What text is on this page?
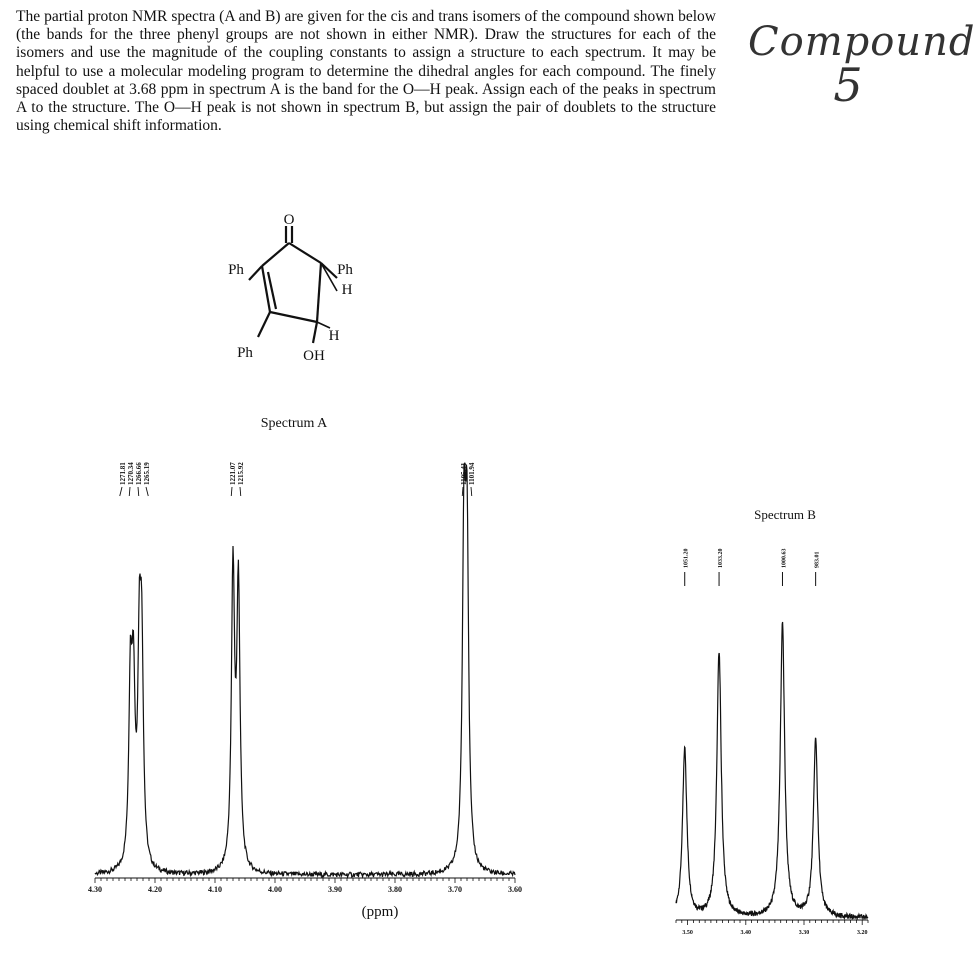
The partial proton NMR spectra (A and B) are given for the cis and trans isomers of the compound shown below (the bands for the three phenyl groups are not shown in either NMR). Draw the structures for each of the isomers and use the magnitude of the coupling constants to assign a structure to each spectrum. It may be helpful to use a molecular modeling program to determine the dihedral angles for each compound. The finely spaced doublet at 3.68 ppm in spectrum A is the band for the O—H peak. Assign each of the peaks in spectrum A to the structure. The O—H peak is not shown in spectrum B, but assign the pair of doublets to the structure using chemical shift information.

Compound
5
O
Ph	Ph
H
H
Ph	OH
Spectrum A
4.30	4.20	4.10	4.00	3.90	3.80	3.70	3.60
1271.81 1270.34 1266.66 1265.19	1221.07 1215.92	1105.41 1101.94
(ppm)
Spectrum B
3.50	3.40	3.30	3.20
1051.20	1033.20	1000.63	983.01
